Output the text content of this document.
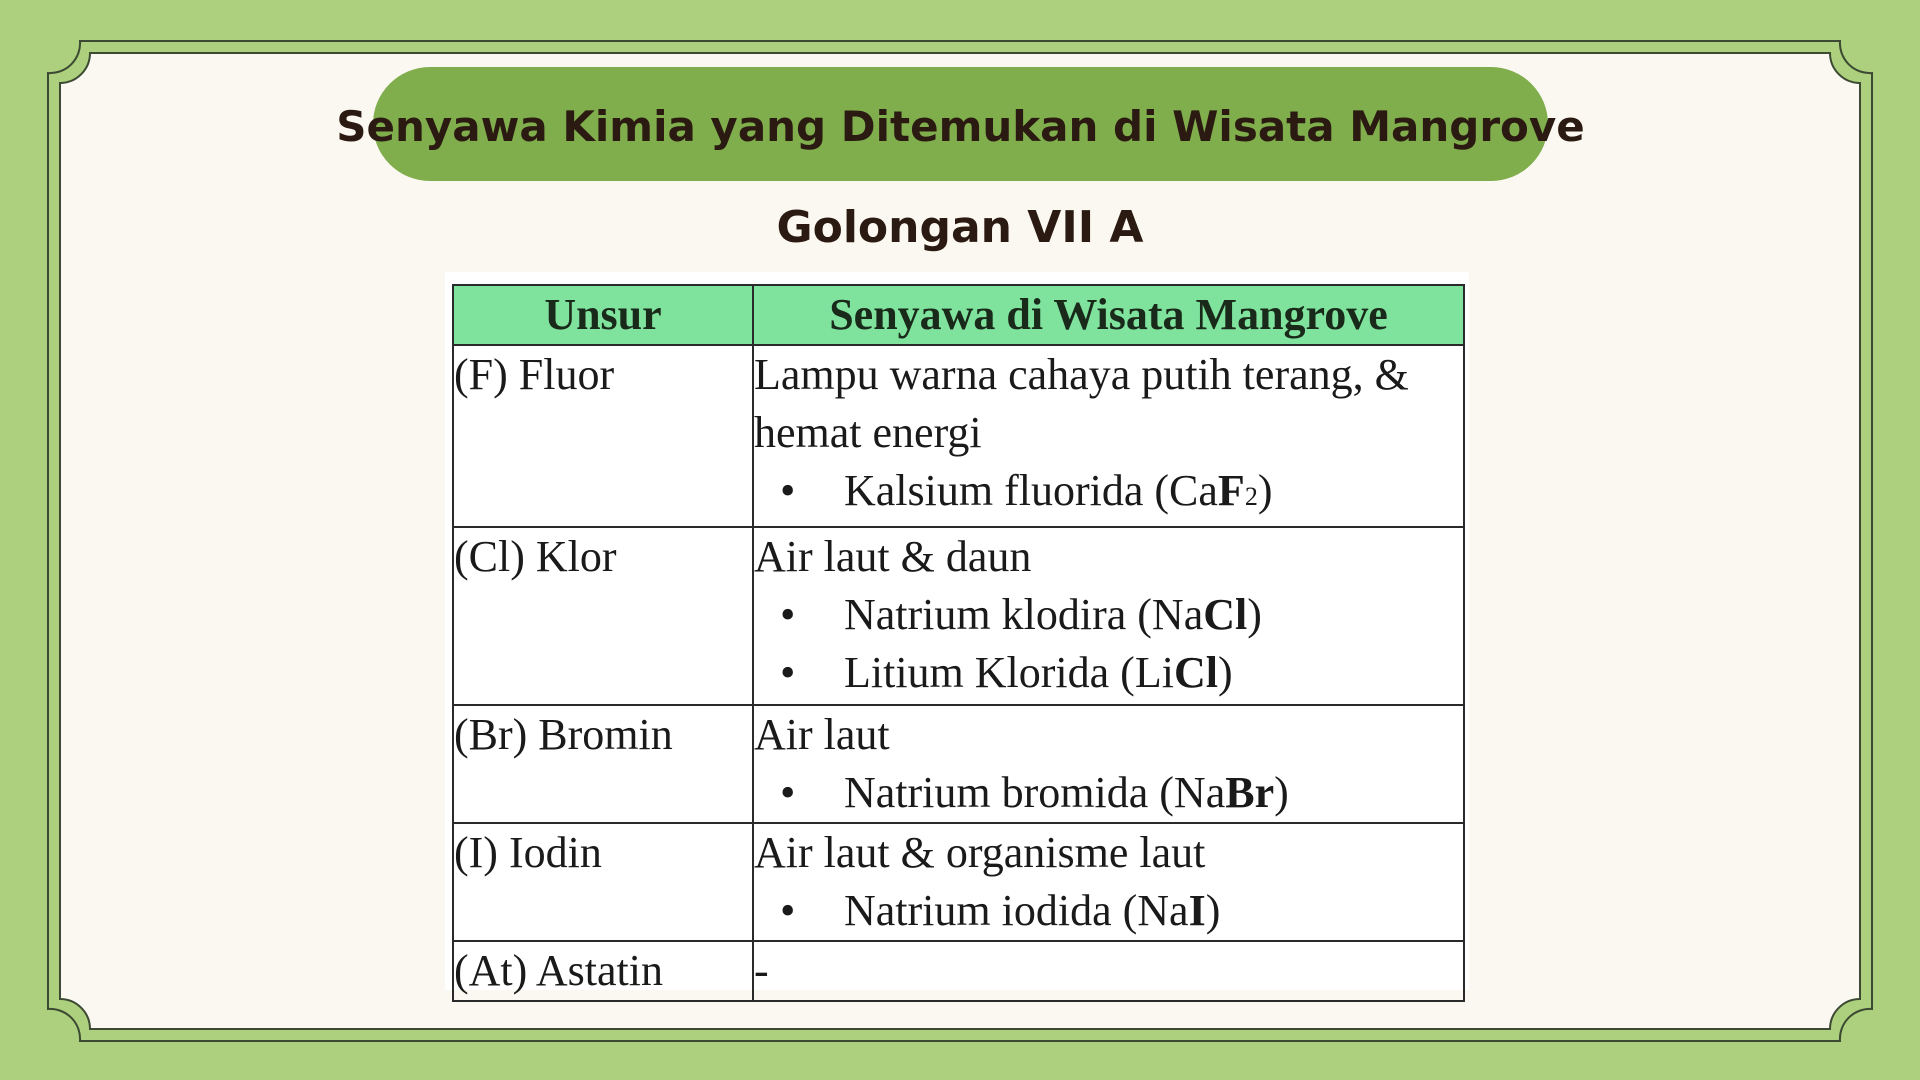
Senyawa Kimia yang Ditemukan di Wisata Mangrove
Golongan VII A
Unsur	Senyawa di Wisata Mangrove
(F) Fluor	Lampu warna cahaya putih terang, & hemat energi
• Kalsium fluorida (CaF2)

(Cl) Klor	Air laut & daun
• Natrium klodira (NaCl)
• Litium Klorida (LiCl)

(Br) Bromin	Air laut
• Natrium bromida (NaBr)

(I) Iodin	Air laut & organisme laut
• Natrium iodida (NaI)

(At) Astatin	-
